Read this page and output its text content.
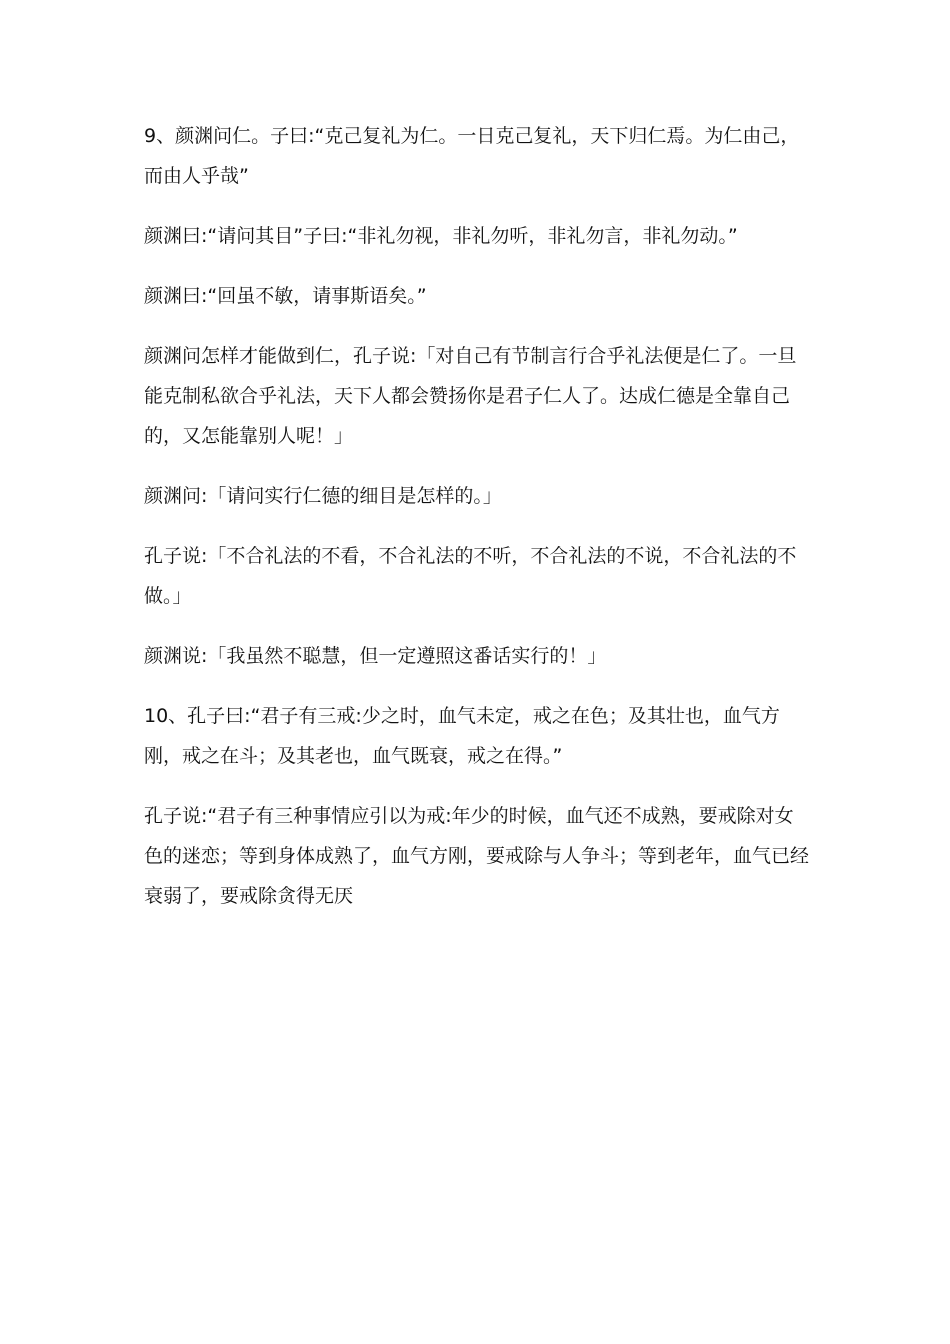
9、颜渊问仁。子曰:“克己复礼为仁。一日克己复礼，天下归仁焉。为仁由己，而由人乎哉”

颜渊曰:“请问其目”子曰:“非礼勿视，非礼勿听，非礼勿言，非礼勿动。”

颜渊曰:“回虽不敏，请事斯语矣。”

颜渊问怎样才能做到仁，孔子说:「对自己有节制言行合乎礼法便是仁了。一旦能克制私欲合乎礼法，天下人都会赞扬你是君子仁人了。达成仁德是全靠自己的，又怎能靠别人呢！」

颜渊问:「请问实行仁德的细目是怎样的。」

孔子说:「不合礼法的不看，不合礼法的不听，不合礼法的不说，不合礼法的不做。」

颜渊说:「我虽然不聪慧，但一定遵照这番话实行的！」

10、孔子曰:“君子有三戒:少之时，血气未定，戒之在色；及其壮也，血气方刚，戒之在斗；及其老也，血气既衰，戒之在得。”

孔子说:“君子有三种事情应引以为戒:年少的时候，血气还不成熟，要戒除对女色的迷恋；等到身体成熟了，血气方刚，要戒除与人争斗；等到老年，血气已经衰弱了，要戒除贪得无厌
